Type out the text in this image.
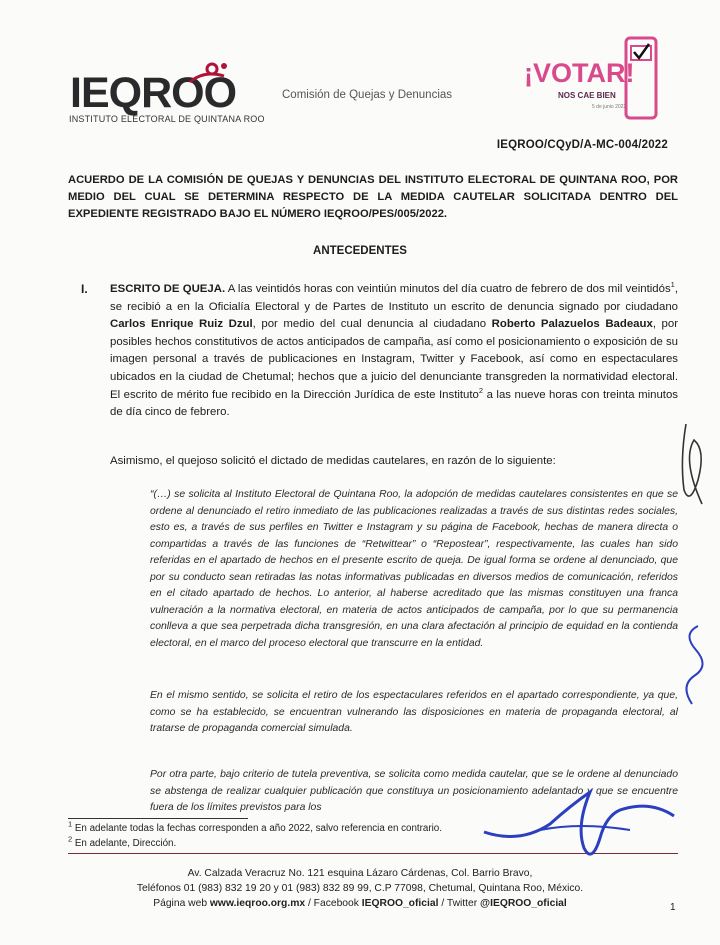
IEQROO
INSTITUTO ELECTORAL DE QUINTANA ROO
Comisión de Quejas y Denuncias
¡VOTAR!
NOS CAE BIEN
5 de junio 2022
IEQROO/CQyD/A-MC-004/2022
ACUERDO DE LA COMISIÓN DE QUEJAS Y DENUNCIAS DEL INSTITUTO ELECTORAL DE QUINTANA ROO, POR MEDIO DEL CUAL SE DETERMINA RESPECTO DE LA MEDIDA CAUTELAR SOLICITADA DENTRO DEL EXPEDIENTE REGISTRADO BAJO EL NÚMERO IEQROO/PES/005/2022.
ANTECEDENTES
I. ESCRITO DE QUEJA. A las veintidós horas con veintiún minutos del día cuatro de febrero de dos mil veintidós$^1$, se recibió a en la Oficialía Electoral y de Partes de Instituto un escrito de denuncia signado por ciudadano Carlos Enrique Ruiz Dzul, por medio del cual denuncia al ciudadano Roberto Palazuelos Badeaux, por posibles hechos constitutivos de actos anticipados de campaña, así como el posicionamiento o exposición de su imagen personal a través de publicaciones en Instagram, Twitter y Facebook, así como en espectaculares ubicados en la ciudad de Chetumal; hechos que a juicio del denunciante transgreden la normatividad electoral. El escrito de mérito fue recibido en la Dirección Jurídica de este Instituto$^2$ a las nueve horas con treinta minutos de día cinco de febrero.
Asimismo, el quejoso solicitó el dictado de medidas cautelares, en razón de lo siguiente:
“(…) se solicita al Instituto Electoral de Quintana Roo, la adopción de medidas cautelares consistentes en que se ordene al denunciado el retiro inmediato de las publicaciones realizadas a través de sus distintas redes sociales, esto es, a través de sus perfiles en Twitter e Instagram y su página de Facebook, hechas de manera directa o compartidas a través de las funciones de “Retwittear” o “Repostear”, respectivamente, las cuales han sido referidas en el apartado de hechos en el presente escrito de queja. De igual forma se ordene al denunciado, que por su conducto sean retiradas las notas informativas publicadas en diversos medios de comunicación, referidos en el citado apartado de hechos. Lo anterior, al haberse acreditado que las mismas constituyen una franca vulneración a la normativa electoral, en materia de actos anticipados de campaña, por lo que su permanencia conlleva a que sea perpetrada dicha transgresión, en una clara afectación al principio de equidad en la contienda electoral, en el marco del proceso electoral que transcurre en la entidad.
En el mismo sentido, se solicita el retiro de los espectaculares referidos en el apartado correspondiente, ya que, como se ha establecido, se encuentran vulnerando las disposiciones en materia de propaganda electoral, al tratarse de propaganda comercial simulada.
Por otra parte, bajo criterio de tutela preventiva, se solicita como medida cautelar, que se le ordene al denunciado se abstenga de realizar cualquier publicación que constituya un posicionamiento adelantado y que se encuentre fuera de los límites previstos para los
$^1$ En adelante todas la fechas corresponden a año 2022, salvo referencia en contrario.
$^2$ En adelante, Dirección.
Av. Calzada Veracruz No. 121 esquina Lázaro Cárdenas, Col. Barrio Bravo,
Teléfonos 01 (983) 832 19 20 y 01 (983) 832 89 99, C.P 77098, Chetumal, Quintana Roo, México.
Página web www.ieqroo.org.mx / Facebook IEQROO_oficial / Twitter @IEQROO_oficial	1
